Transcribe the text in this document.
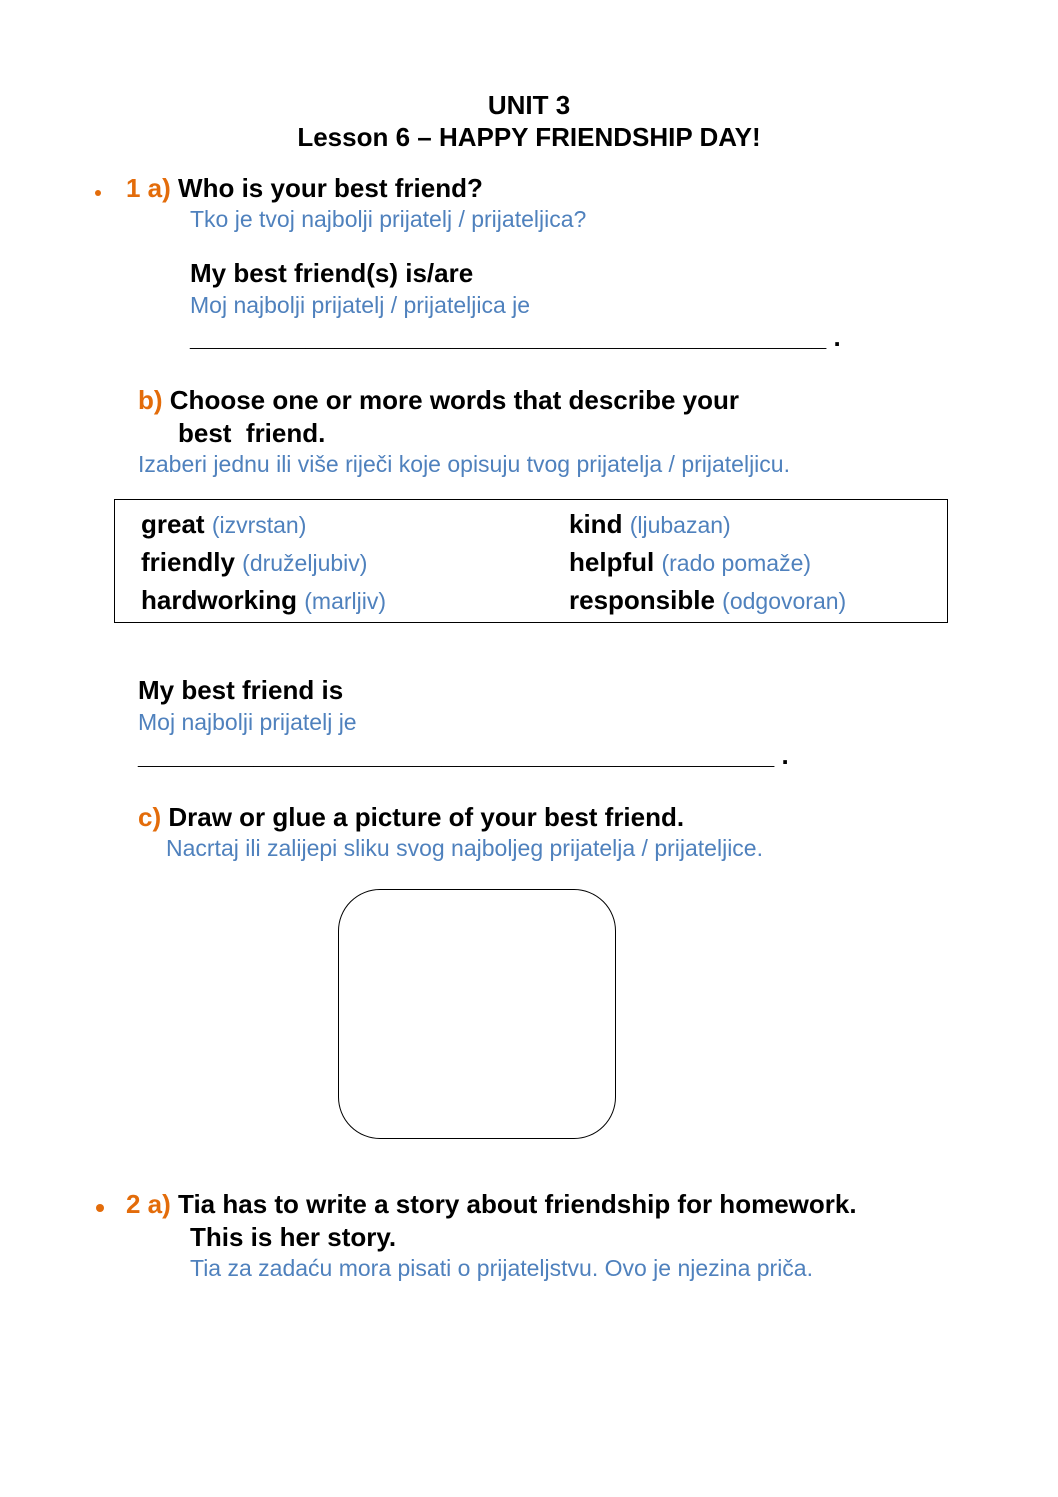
UNIT 3
Lesson 6 – HAPPY FRIENDSHIP DAY!
1 a) Who is your best friend?
Tko je tvoj najbolji prijatelj / prijateljica?
My best friend(s) is/are
Moj najbolji prijatelj / prijateljica je
____________________________________________ .
b) Choose one or more words that describe your
best  friend.
Izaberi jednu ili više riječi koje opisuju tvog prijatelja / prijateljicu.
great (izvrstan)
friendly (druželjubiv)
hardworking (marljiv)
kind (ljubazan)
helpful (rado pomaže)
responsible (odgovoran)
My best friend is
Moj najbolji prijatelj je
____________________________________________ .
c) Draw or glue a picture of your best friend.
Nacrtaj ili zalijepi sliku svog najboljeg prijatelja / prijateljice.
2 a) Tia has to write a story about friendship for homework.
This is her story.
Tia za zadaću mora pisati o prijateljstvu. Ovo je njezina priča.
